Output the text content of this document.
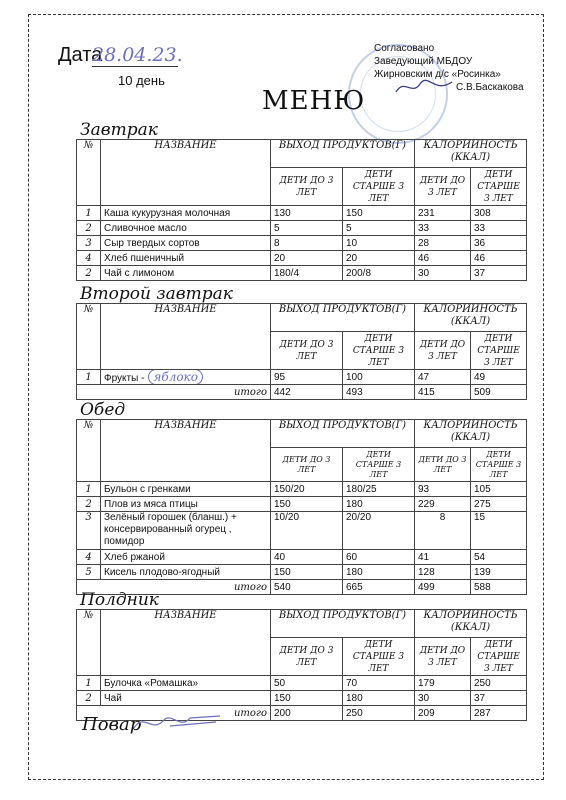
Дата
28.04.23.
10 день
Согласовано
Заведующий МБДОУ
Жирновским д/с «Росинка»
С.В.Баскакова
МЕНЮ
Завтрак
№	НАЗВАНИЕ	ВЫХОД ПРОДУКТОВ(Г)		КАЛОРИЙНОСТЬ (ККАЛ)	
		ДЕТИ ДО 3 ЛЕТ	ДЕТИ СТАРШЕ 3 ЛЕТ	ДЕТИ ДО 3 ЛЕТ	ДЕТИ СТАРШЕ 3 ЛЕТ
1	Каша кукурузная молочная	130	150	231	308
2	Сливочное масло	5	5	33	33
3	Сыр твердых сортов	8	10	28	36
4	Хлеб пшеничный	20	20	46	46
2	Чай с лимоном	180/4	200/8	30	37
Второй завтрак
№	НАЗВАНИЕ	ВЫХОД ПРОДУКТОВ(Г)		КАЛОРИЙНОСТЬ (ККАЛ)	
		ДЕТИ ДО 3 ЛЕТ	ДЕТИ СТАРШЕ 3 ЛЕТ	ДЕТИ ДО 3 ЛЕТ	ДЕТИ СТАРШЕ 3 ЛЕТ
1	Фрукты - яблоко	95	100	47	49
итого		442	493	415	509
Обед
№	НАЗВАНИЕ	ВЫХОД ПРОДУКТОВ(Г)		КАЛОРИЙНОСТЬ (ККАЛ)	
		ДЕТИ ДО 3 ЛЕТ	ДЕТИ СТАРШЕ 3 ЛЕТ	ДЕТИ ДО 3 ЛЕТ	ДЕТИ СТАРШЕ 3 ЛЕТ
1	Бульон с гренками	150/20	180/25	93	105
2	Плов из мяса птицы	150	180	229	275
3	Зелёный горошек (бланш.) + консервированный огурец , помидор	10/20	20/20	8	15
4	Хлеб ржаной	40	60	41	54
5	Кисель плодово-ягодный	150	180	128	139
итого		540	665	499	588
Полдник
№	НАЗВАНИЕ	ВЫХОД ПРОДУКТОВ(Г)		КАЛОРИЙНОСТЬ (ККАЛ)	
		ДЕТИ ДО 3 ЛЕТ	ДЕТИ СТАРШЕ 3 ЛЕТ	ДЕТИ ДО 3 ЛЕТ	ДЕТИ СТАРШЕ 3 ЛЕТ
1	Булочка «Ромашка»	50	70	179	250
2	Чай	150	180	30	37
итого		200	250	209	287
Повар
